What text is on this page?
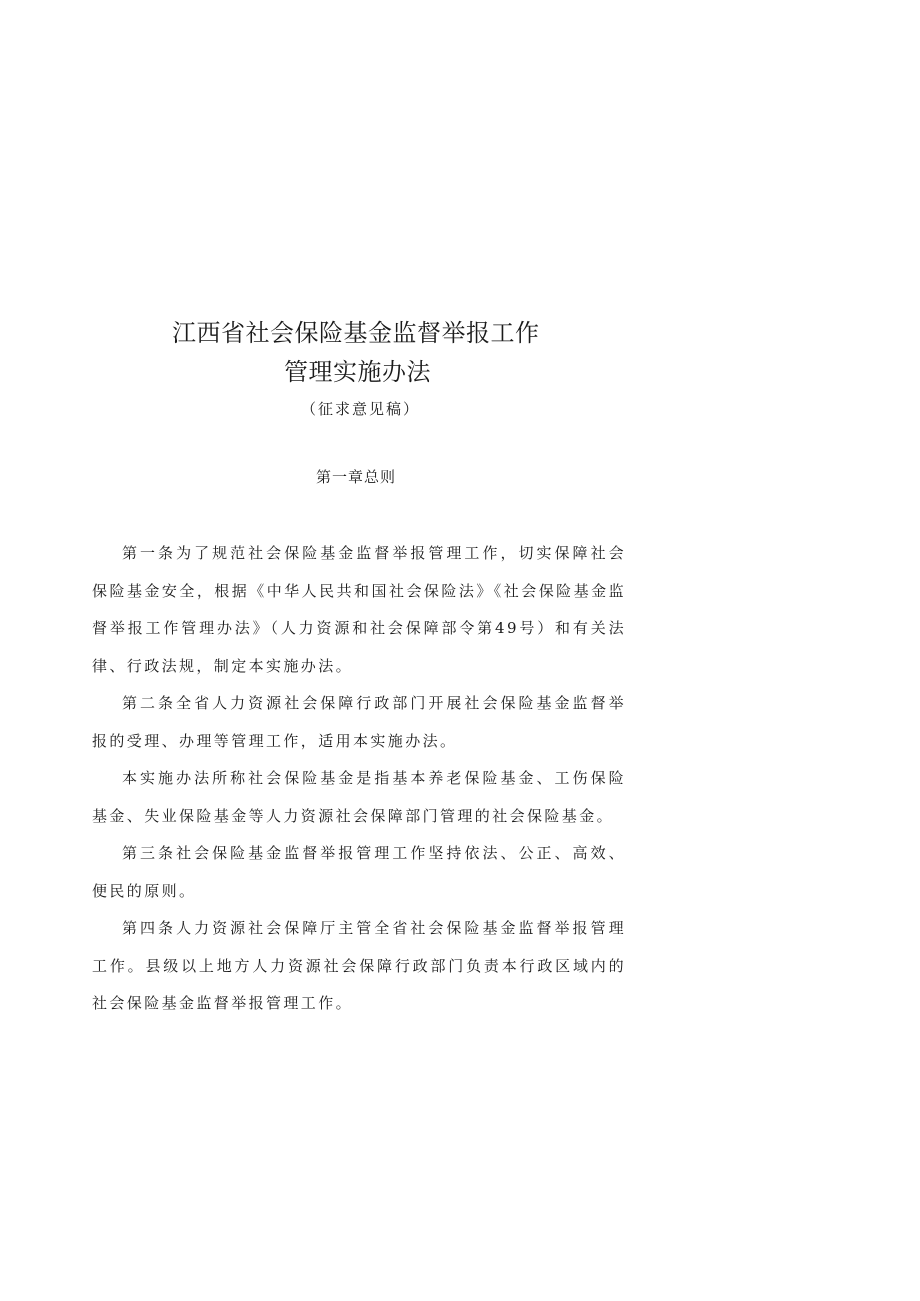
江西省社会保险基金监督举报工作
管理实施办法
（征求意见稿）
第一章总则

第一条为了规范社会保险基金监督举报管理工作，切实保障社会保险基金安全，根据《中华人民共和国社会保险法》《社会保险基金监督举报工作管理办法》（人力资源和社会保障部令第49号）和有关法律、行政法规，制定本实施办法。

第二条全省人力资源社会保障行政部门开展社会保险基金监督举报的受理、办理等管理工作，适用本实施办法。

本实施办法所称社会保险基金是指基本养老保险基金、工伤保险基金、失业保险基金等人力资源社会保障部门管理的社会保险基金。

第三条社会保险基金监督举报管理工作坚持依法、公正、高效、便民的原则。

第四条人力资源社会保障厅主管全省社会保险基金监督举报管理工作。县级以上地方人力资源社会保障行政部门负责本行政区域内的社会保险基金监督举报管理工作。
